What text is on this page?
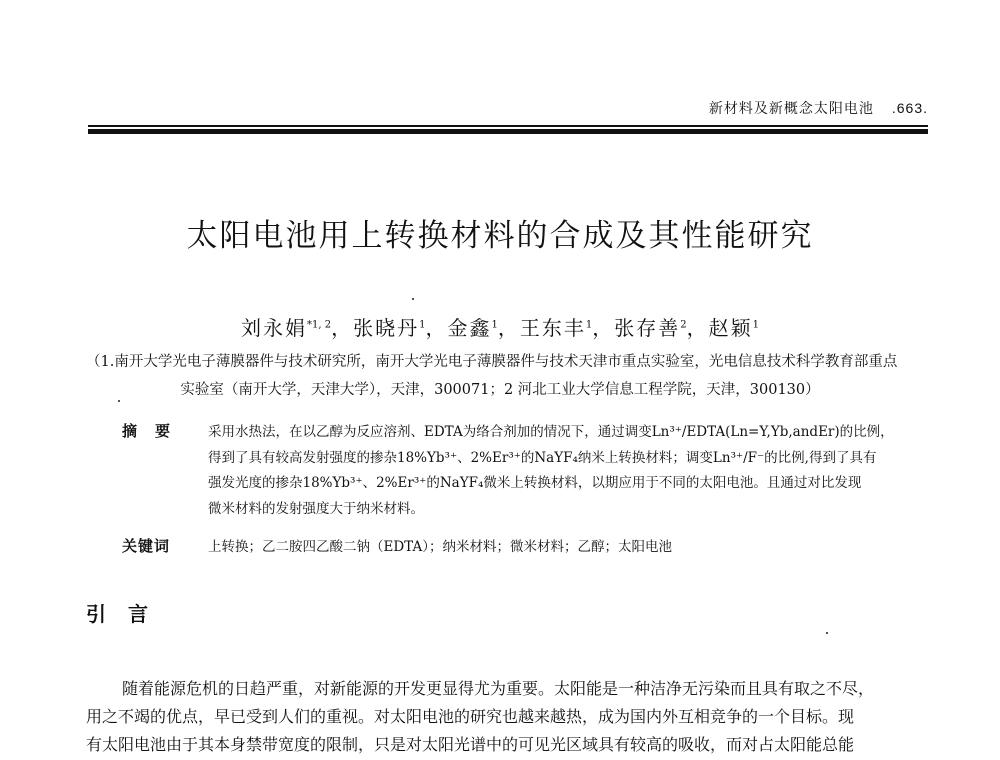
新材料及新概念太阳电池 .663.
太阳电池用上转换材料的合成及其性能研究
刘永娟$^{*1, 2}$，张晓丹$^1$，金鑫$^1$，王东丰$^1$，张存善$^2$，赵颖$^1$
（1.南开大学光电子薄膜器件与技术研究所，南开大学光电子薄膜器件与技术天津市重点实验室，光电信息技术科学教育部重点
实验室（南开大学，天津大学），天津，300071；2 河北工业大学信息工程学院，天津，300130）
摘要 采用水热法，在以乙醇为反应溶剂、EDTA为络合剂加的情况下，通过调变Ln³⁺/EDTA(Ln=Y,Yb,andEr)的比例，
得到了具有较高发射强度的掺杂18%Yb³⁺、2%Er³⁺的NaYF₄纳米上转换材料；调变Ln³⁺/F⁻的比例,得到了具有
强发光度的掺杂18%Yb³⁺、2%Er³⁺的NaYF₄微米上转换材料，以期应用于不同的太阳电池。且通过对比发现
微米材料的发射强度大于纳米材料。
关键词	上转换；乙二胺四乙酸二钠（EDTA）；纳米材料；微米材料；乙醇；太阳电池
引言
随着能源危机的日趋严重，对新能源的开发更显得尤为重要。太阳能是一种洁净无污染而且具有取之不尽，
用之不竭的优点，早已受到人们的重视。对太阳电池的研究也越来越热，成为国内外互相竞争的一个目标。现
有太阳电池由于其本身禁带宽度的限制，只是对太阳光谱中的可见光区域具有较高的吸收，而对占太阳能总能
